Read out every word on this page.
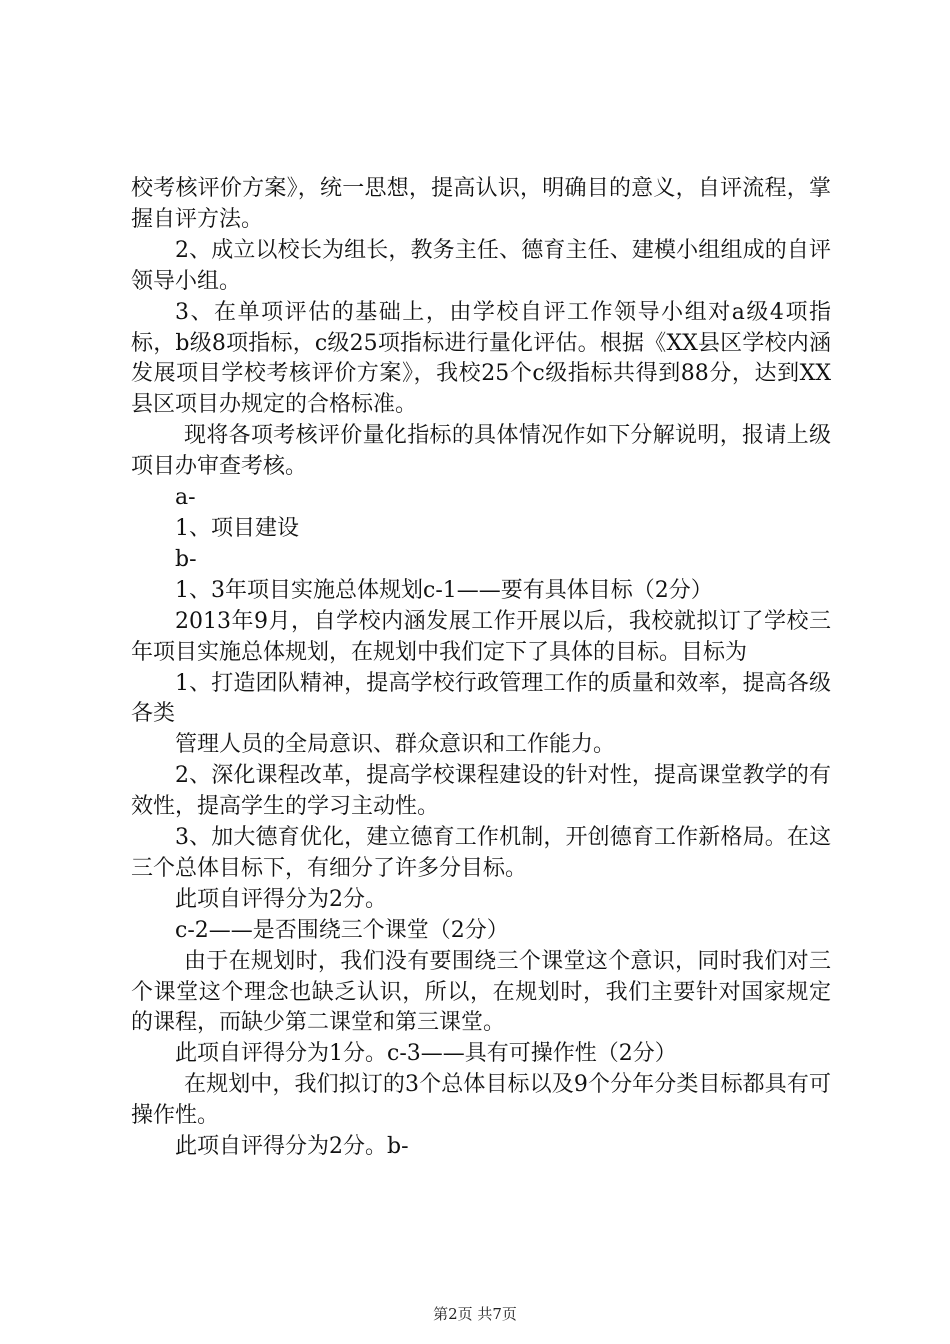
校考核评价方案》，统一思想，提高认识，明确目的意义，自评流程，掌握自评方法。

2、成立以校长为组长，教务主任、德育主任、建模小组组成的自评领导小组。

3、在单项评估的基础上，由学校自评工作领导小组对a级4项指标，b级8项指标，c级25项指标进行量化评估。根据《XX县区学校内涵发展项目学校考核评价方案》，我校25个c级指标共得到88分，达到XX县区项目办规定的合格标准。

现将各项考核评价量化指标的具体情况作如下分解说明，报请上级项目办审查考核。

a-

1、项目建设

b-

1、3年项目实施总体规划c-1——要有具体目标（2分）

2013年9月，自学校内涵发展工作开展以后，我校就拟订了学校三年项目实施总体规划，在规划中我们定下了具体的目标。目标为

1、打造团队精神，提高学校行政管理工作的质量和效率，提高各级各类

管理人员的全局意识、群众意识和工作能力。

2、深化课程改革，提高学校课程建设的针对性，提高课堂教学的有效性，提高学生的学习主动性。

3、加大德育优化，建立德育工作机制，开创德育工作新格局。在这三个总体目标下，有细分了许多分目标。

此项自评得分为2分。

c-2——是否围绕三个课堂（2分）

由于在规划时，我们没有要围绕三个课堂这个意识，同时我们对三个课堂这个理念也缺乏认识，所以，在规划时，我们主要针对国家规定的课程，而缺少第二课堂和第三课堂。

此项自评得分为1分。c-3——具有可操作性（2分）

在规划中，我们拟订的3个总体目标以及9个分年分类目标都具有可操作性。

此项自评得分为2分。b-

第2页 共7页
